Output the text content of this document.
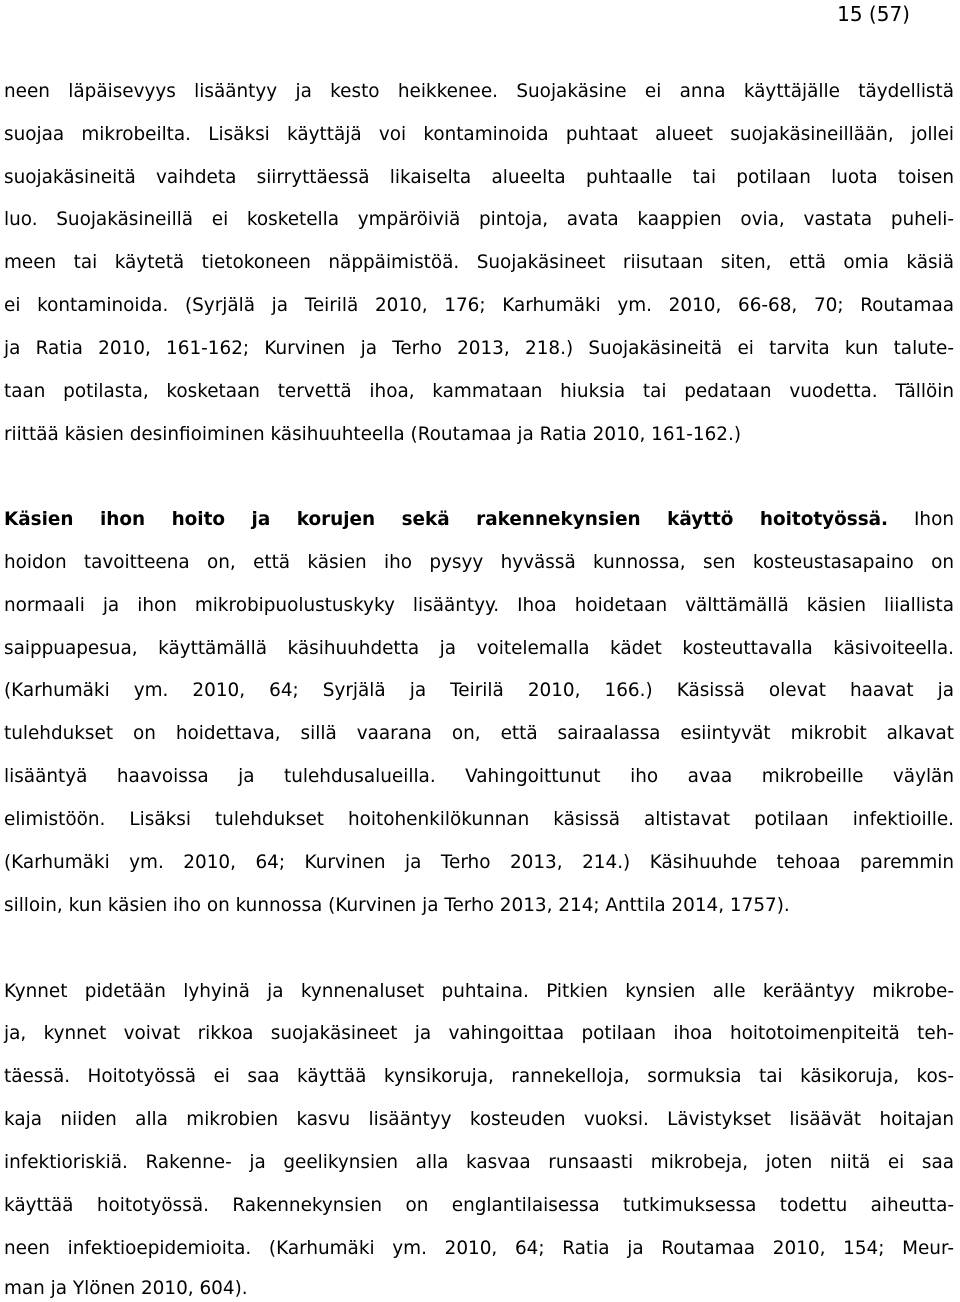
15 (57)
neen läpäisevyys lisääntyy ja kesto heikkenee. Suojakäsine ei anna käyttäjälle täydellistä
suojaa mikrobeilta. Lisäksi käyttäjä voi kontaminoida puhtaat alueet suojakäsineillään, jollei
suojakäsineitä vaihdeta siirryttäessä likaiselta alueelta puhtaalle tai potilaan luota toisen
luo. Suojakäsineillä ei kosketella ympäröiviä pintoja, avata kaappien ovia, vastata puheli-
meen tai käytetä tietokoneen näppäimistöä. Suojakäsineet riisutaan siten, että omia käsiä
ei kontaminoida. (Syrjälä ja Teirilä 2010, 176; Karhumäki ym. 2010, 66-68, 70; Routamaa
ja Ratia 2010, 161-162; Kurvinen ja Terho 2013, 218.) Suojakäsineitä ei tarvita kun talute-
taan potilasta, kosketaan tervettä ihoa, kammataan hiuksia tai pedataan vuodetta. Tällöin
riittää käsien desinfioiminen käsihuuhteella (Routamaa ja Ratia 2010, 161-162.)
Käsien ihon hoito ja korujen sekä rakennekynsien käyttö hoitotyössä. Ihon
hoidon tavoitteena on, että käsien iho pysyy hyvässä kunnossa, sen kosteustasapaino on
normaali ja ihon mikrobipuolustuskyky lisääntyy. Ihoa hoidetaan välttämällä käsien liiallista
saippuapesua, käyttämällä käsihuuhdetta ja voitelemalla kädet kosteuttavalla käsivoiteella.
(Karhumäki ym. 2010, 64; Syrjälä ja Teirilä 2010, 166.) Käsissä olevat haavat ja
tulehdukset on hoidettava, sillä vaarana on, että sairaalassa esiintyvät mikrobit alkavat
lisääntyä haavoissa ja tulehdusalueilla. Vahingoittunut iho avaa mikrobeille väylän
elimistöön. Lisäksi tulehdukset hoitohenkilökunnan käsissä altistavat potilaan infektioille.
(Karhumäki ym. 2010, 64; Kurvinen ja Terho 2013, 214.) Käsihuuhde tehoaa paremmin
silloin, kun käsien iho on kunnossa (Kurvinen ja Terho 2013, 214; Anttila 2014, 1757).
Kynnet pidetään lyhyinä ja kynnenaluset puhtaina. Pitkien kynsien alle kerääntyy mikrobe-
ja, kynnet voivat rikkoa suojakäsineet ja vahingoittaa potilaan ihoa hoitotoimenpiteitä teh-
täessä. Hoitotyössä ei saa käyttää kynsikoruja, rannekelloja, sormuksia tai käsikoruja, kos-
kaja niiden alla mikrobien kasvu lisääntyy kosteuden vuoksi. Lävistykset lisäävät hoitajan
infektioriskiä. Rakenne- ja geelikynsien alla kasvaa runsaasti mikrobeja, joten niitä ei saa
käyttää hoitotyössä. Rakennekynsien on englantilaisessa tutkimuksessa todettu aiheutta-
neen infektioepidemioita. (Karhumäki ym. 2010, 64; Ratia ja Routamaa 2010, 154; Meur-
man ja Ylönen 2010, 604).
